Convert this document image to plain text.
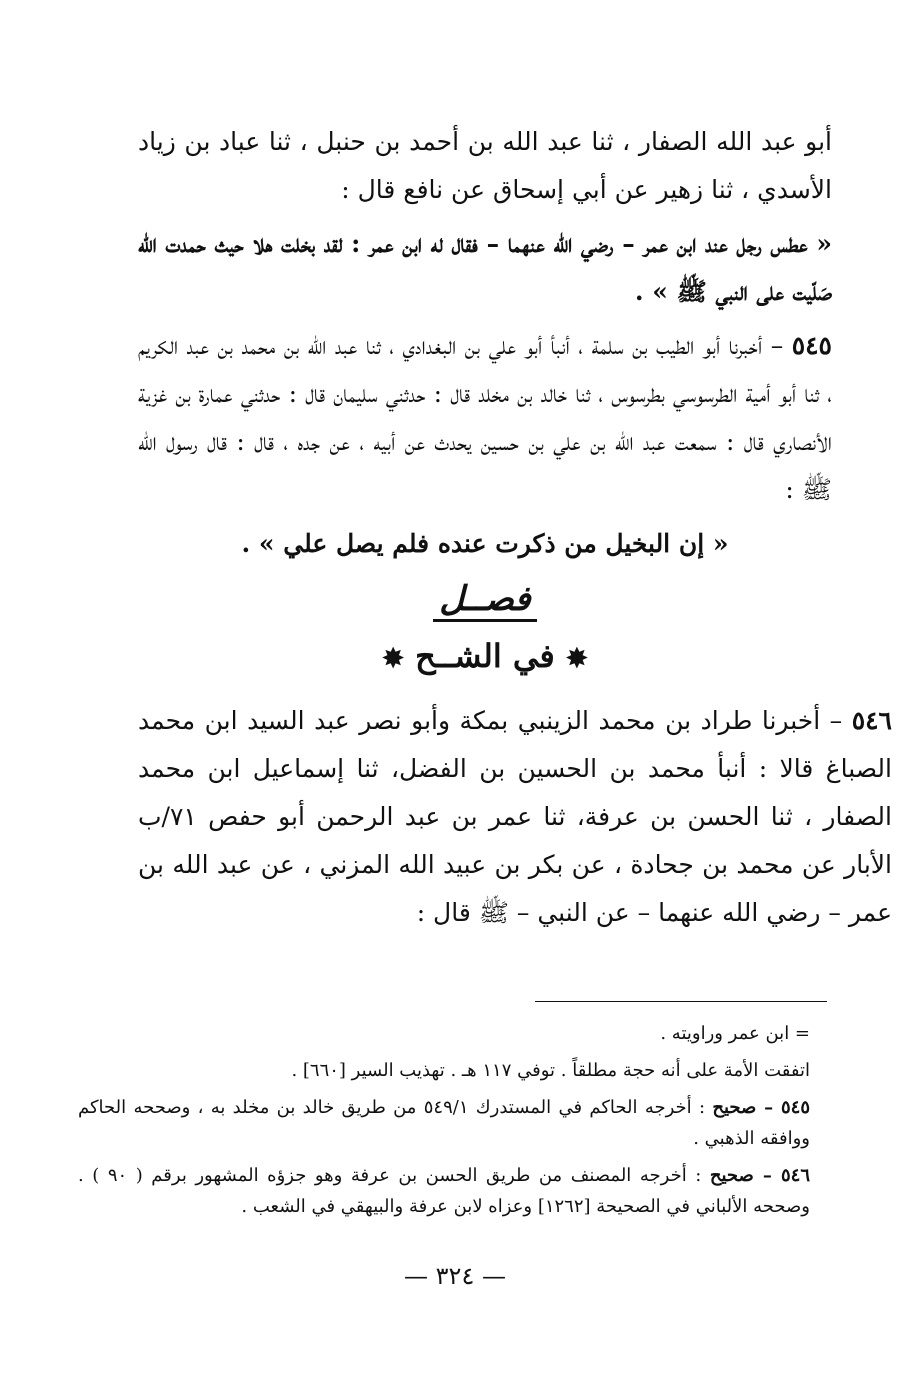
أبو عبد الله الصفار ، ثنا عبد الله بن أحمد بن حنبل ، ثنا عباد بن زياد الأسدي ، ثنا زهير عن أبي إسحاق عن نافع قال :

« عطس رجل عند ابن عمر – رضي الله عنهما – فقال له ابن عمر : لقد بخلت هلا حيث حمدت الله صَلّيت على النبي ﷺ » .

٥٤٥ – أخبرنا أبو الطيب بن سلمة ، أنبأ أبو علي بن البغدادي ، ثنا عبد الله بن محمد بن عبد الكريم ، ثنا أبو أمية الطرسوسي بطرسوس ، ثنا خالد بن مخلد قال : حدثني سليمان قال : حدثني عمارة بن غزية الأنصاري قال : سمعت عبد الله بن علي بن حسين يحدث عن أبيه ، عن جده ، قال : قال رسول الله ﷺ :

« إن البخيل من ذكرت عنده فلم يصل علي » .

فصــل
✸ في الشــح ✸

٥٤٦ – أخبرنا طراد بن محمد الزينبي بمكة وأبو نصر عبد السيد ابن محمد الصباغ قالا : أنبأ محمد بن الحسين بن الفضل، ثنا إسماعيل ابن محمد الصفار ، ثنا الحسن بن عرفة، ثنا عمر بن عبد الرحمن أبو حفص ٧١/ب الأبار عن محمد بن جحادة ، عن بكر بن عبيد الله المزني ، عن عبد الله بن عمر – رضي الله عنهما – عن النبي – ﷺ قال :

= ابن عمر وراويته .

اتفقت الأمة على أنه حجة مطلقاً . توفي ١١٧ هـ . تهذيب السير [٦٦٠] .

٥٤٥ – صحيح : أخرجه الحاكم في المستدرك ٥٤٩/١ من طريق خالد بن مخلد به ، وصححه الحاكم ووافقه الذهبي .

٥٤٦ – صحيح : أخرجه المصنف من طريق الحسن بن عرفة وهو جزؤه المشهور برقم ( ٩٠ ) . وصححه الألباني في الصحيحة [١٢٦٢] وعزاه لابن عرفة والبيهقي في الشعب .

— ٣٢٤ —
